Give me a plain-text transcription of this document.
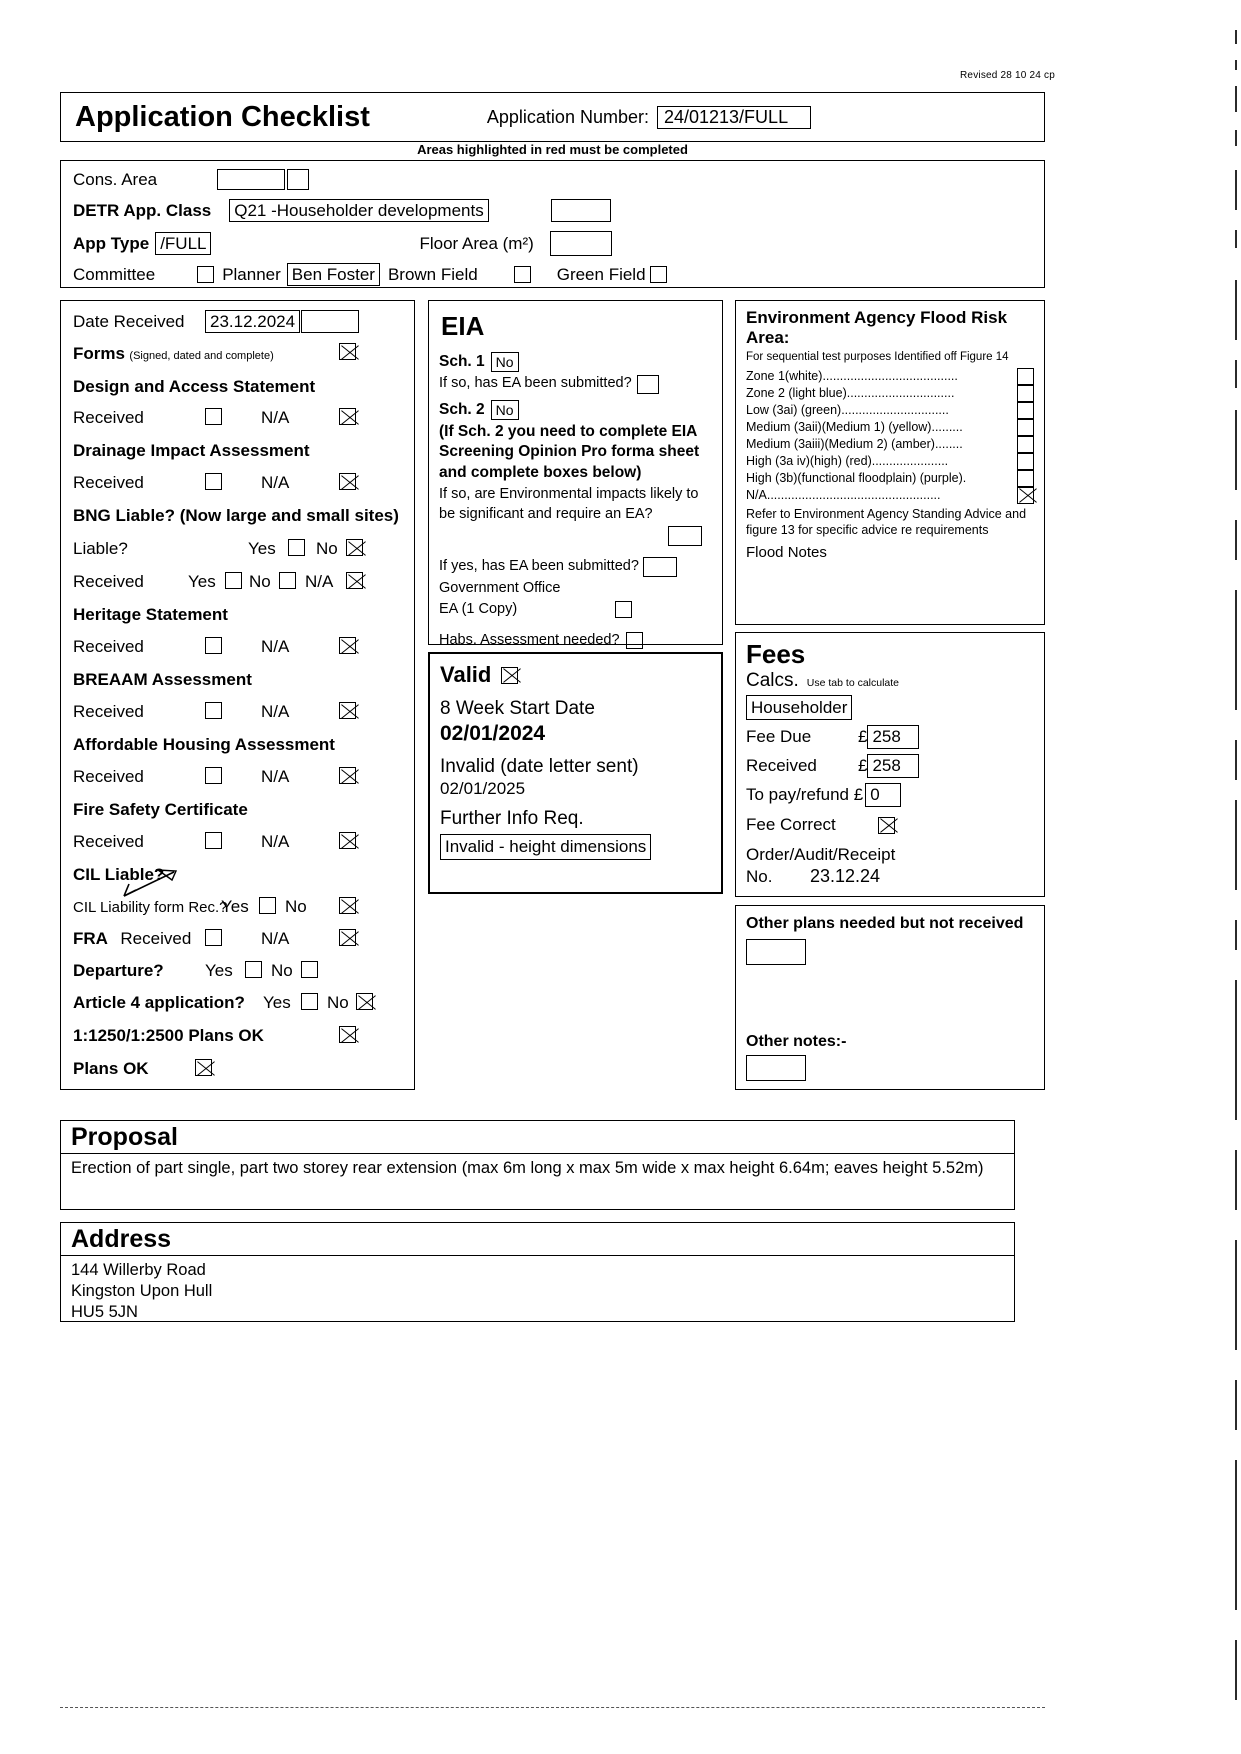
Revised 28 10 24 cp
Application Checklist	Application Number: 24/01213/FULL
Areas highlighted in red must be completed
Cons. Area
DETR App. Class Q21 -Householder developments
App Type /FULL	Floor Area (m²)
Committee	Planner Ben Foster Brown Field	Green Field
Date Received 23.12.2024
Forms (Signed, dated and complete)
Design and Access Statement
Received	N/A
Drainage Impact Assessment
Received	N/A
BNG Liable? (Now large and small sites)
Liable?	Yes No
Received	Yes No N/A
Heritage Statement
Received	N/A
BREAAM Assessment
Received	N/A
Affordable Housing Assessment
Received	N/A
Fire Safety Certificate
Received	N/A
CIL Liable?
CIL Liability form Rec.?
Yes No
FRA Received	N/A
Departure? Yes No
Article 4 application? Yes No
1:1250/1:2500 Plans OK
Plans OK
EIA
Sch. 1 No
If so, has EA been submitted?
Sch. 2 No
(If Sch. 2 you need to complete EIA Screening Opinion Pro forma sheet and complete boxes below)
If so, are Environmental impacts likely to be significant and require an EA?
If yes, has EA been submitted?
Government Office
EA (1 Copy)
Habs. Assessment needed?
Valid
8 Week Start Date
02/01/2024
Invalid (date letter sent)
02/01/2025
Further Info Req.
Invalid - height dimensions
Environment Agency Flood Risk Area:
For sequential test purposes Identified off Figure 14
Zone 1(white) .......................................
Zone 2 (light blue) ...............................
Low (3ai) (green) ...............................
Medium (3aii)(Medium 1) (yellow) .........
Medium (3aiii)(Medium 2) (amber) ........
High (3a iv)(high) (red) ......................
High (3b)(functional floodplain) (purple) .
N/A ..................................................
Refer to Environment Agency Standing Advice and figure 13 for specific advice re requirements
Flood Notes
Fees
Calcs. Use tab to calculate
Householder
Fee Due	£ 258
Received	£ 258
To pay/refund £ 0
Fee Correct
Order/Audit/Receipt
No.	23.12.24
Other plans needed but not received
Other notes:-
Proposal
Erection of part single, part two storey rear extension (max 6m long x max 5m wide x max height 6.64m; eaves height 5.52m)
Address
144 Willerby Road
Kingston Upon Hull
HU5 5JN
